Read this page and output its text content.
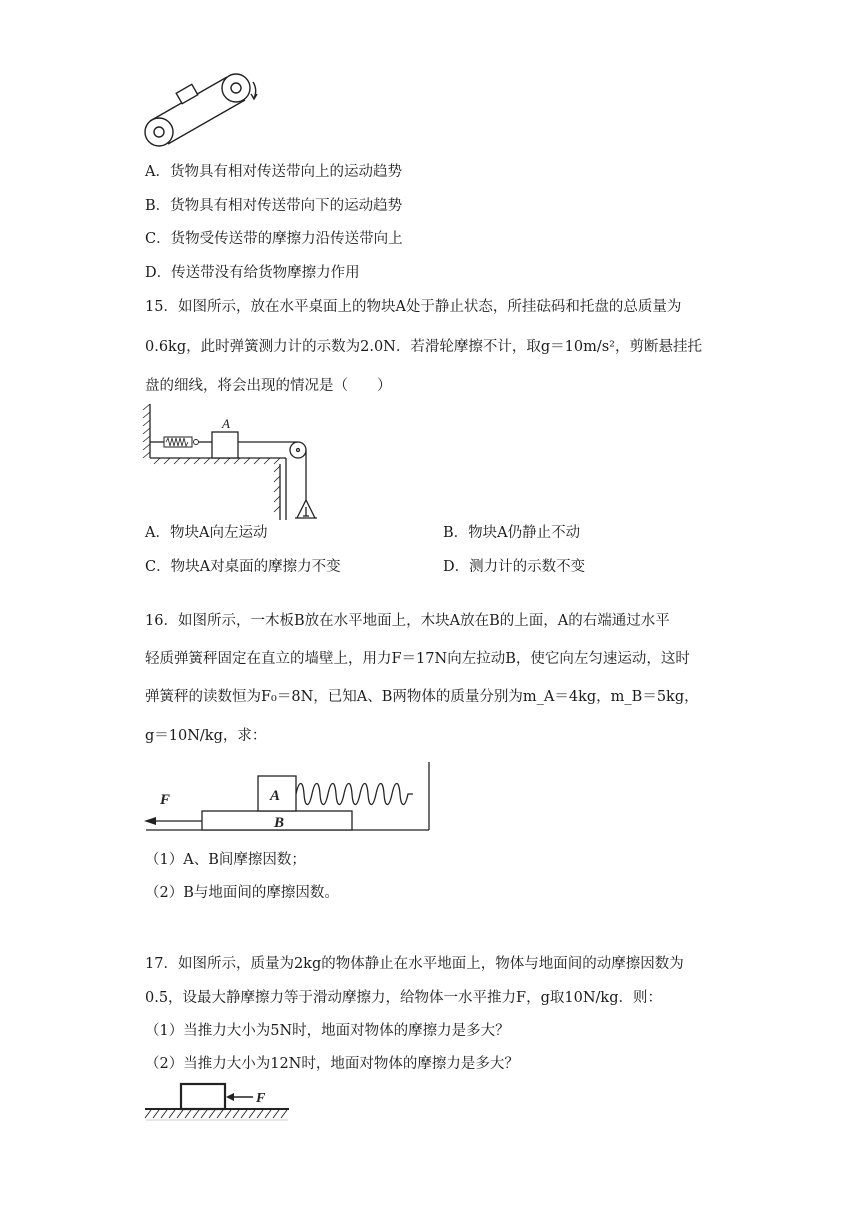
A．货物具有相对传送带向上的运动趋势
B．货物具有相对传送带向下的运动趋势
C．货物受传送带的摩擦力沿传送带向上
D．传送带没有给货物摩擦力作用
15．如图所示，放在水平桌面上的物块A处于静止状态，所挂砝码和托盘的总质量为
0.6kg，此时弹簧测力计的示数为2.0N．若滑轮摩擦不计，取g＝10m/s²，剪断悬挂托
盘的细线，将会出现的情况是（　　）
A
A．物块A向左运动	B．物块A仍静止不动
C．物块A对桌面的摩擦力不变	D．测力计的示数不变
16．如图所示，一木板B放在水平地面上，木块A放在B的上面，A的右端通过水平
轻质弹簧秤固定在直立的墙壁上，用力F＝17N向左拉动B，使它向左匀速运动，这时
弹簧秤的读数恒为F₀＝8N，已知A、B两物体的质量分别为m_A＝4kg，m_B＝5kg，
g＝10N/kg，求：
F	A
B
（1）A、B间摩擦因数；
（2）B与地面间的摩擦因数。
17．如图所示，质量为2kg的物体静止在水平地面上，物体与地面间的动摩擦因数为
0.5，设最大静摩擦力等于滑动摩擦力，给物体一水平推力F，g取10N/kg．则：
（1）当推力大小为5N时，地面对物体的摩擦力是多大？
（2）当推力大小为12N时，地面对物体的摩擦力是多大？
F
